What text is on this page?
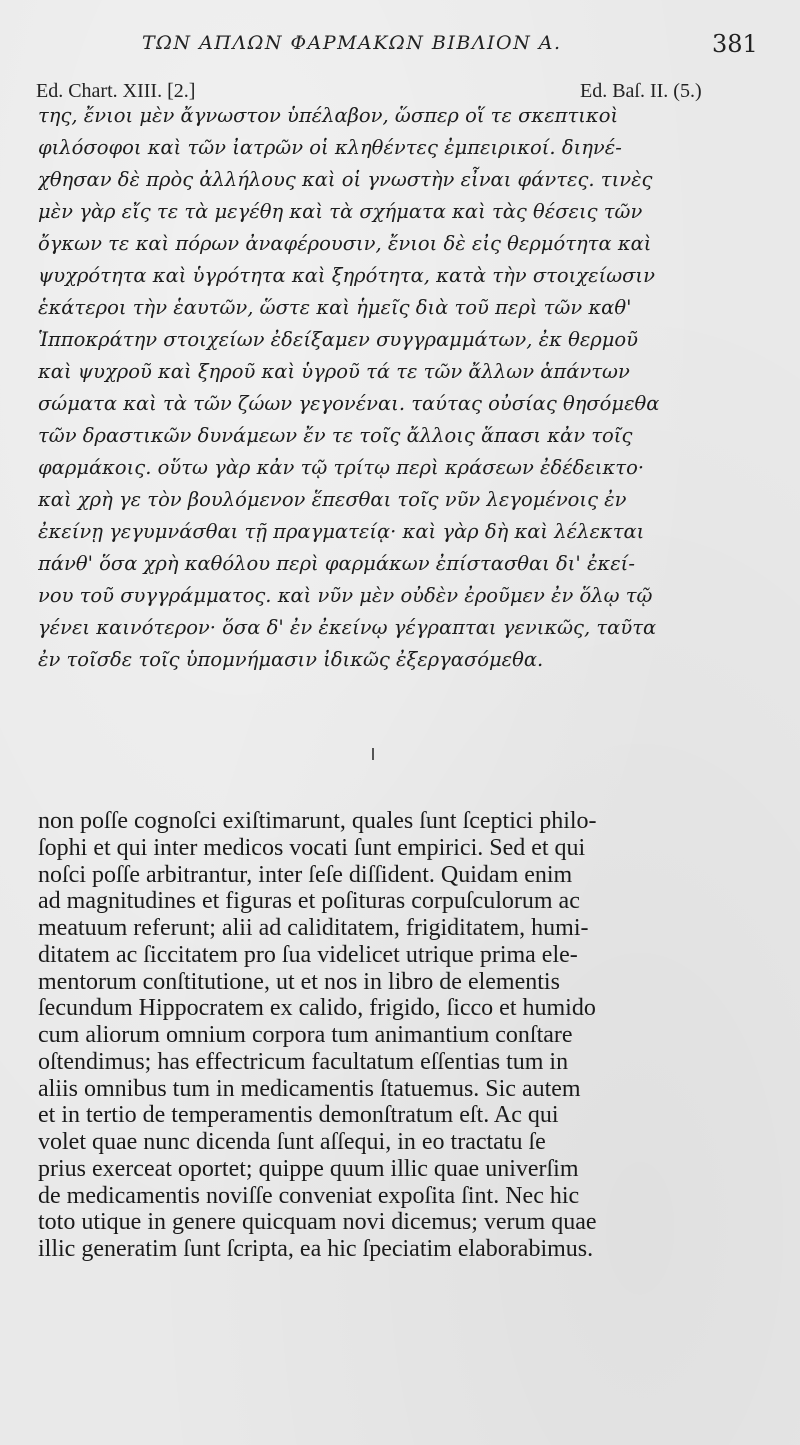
ΤΩΝ ΑΠΛΩΝ ΦΑΡΜΑΚΩΝ ΒΙΒΛΙΟΝ Α.	381
Ed. Chart. XIII. [2.]	Ed. Baſ. II. (5.)
της, ἔνιοι μὲν ἄγνωστον ὑπέλαβον, ὥσπερ οἵ τε σκεπτικοὶ
φιλόσοφοι καὶ τῶν ἰατρῶν οἱ κληθέντες ἐμπειρικοί. διηνέ-
χθησαν δὲ πρὸς ἀλλήλους καὶ οἱ γνωστὴν εἶναι φάντες. τινὲς
μὲν γὰρ εἴς τε τὰ μεγέθη καὶ τὰ σχήματα καὶ τὰς θέσεις τῶν
ὄγκων τε καὶ πόρων ἀναφέρουσιν, ἔνιοι δὲ εἰς θερμότητα καὶ
ψυχρότητα καὶ ὑγρότητα καὶ ξηρότητα, κατὰ τὴν στοιχείωσιν
ἑκάτεροι τὴν ἑαυτῶν, ὥστε καὶ ἡμεῖς διὰ τοῦ περὶ τῶν καθ'
Ἱπποκράτην στοιχείων ἐδείξαμεν συγγραμμάτων, ἐκ θερμοῦ
καὶ ψυχροῦ καὶ ξηροῦ καὶ ὑγροῦ τά τε τῶν ἄλλων ἁπάντων
σώματα καὶ τὰ τῶν ζώων γεγονέναι. ταύτας οὐσίας θησόμεθα
τῶν δραστικῶν δυνάμεων ἔν τε τοῖς ἄλλοις ἅπασι κἀν τοῖς
φαρμάκοις. οὕτω γὰρ κἀν τῷ τρίτῳ περὶ κράσεων ἐδέδεικτο·
καὶ χρὴ γε τὸν βουλόμενον ἕπεσθαι τοῖς νῦν λεγομένοις ἐν
ἐκείνῃ γεγυμνάσθαι τῇ πραγματείᾳ· καὶ γὰρ δὴ καὶ λέλεκται
πάνθ' ὅσα χρὴ καθόλου περὶ φαρμάκων ἐπίστασθαι δι' ἐκεί-
νου τοῦ συγγράμματος. καὶ νῦν μὲν οὐδὲν ἐροῦμεν ἐν ὅλῳ τῷ
γένει καινότερον· ὅσα δ' ἐν ἐκείνῳ γέγραπται γενικῶς, ταῦτα
ἐν τοῖσδε τοῖς ὑπομνήμασιν ἰδικῶς ἐξεργασόμεθα.
non poſſe cognoſci exiſtimarunt, quales ſunt ſceptici philo-
ſophi et qui inter medicos vocati ſunt empirici. Sed et qui
noſci poſſe arbitrantur, inter ſeſe diſſident. Quidam enim
ad magnitudines et figuras et poſituras corpuſculorum ac
meatuum referunt; alii ad caliditatem, frigiditatem, humi-
ditatem ac ſiccitatem pro ſua videlicet utrique prima ele-
mentorum conſtitutione, ut et nos in libro de elementis
ſecundum Hippocratem ex calido, frigido, ſicco et humido
cum aliorum omnium corpora tum animantium conſtare
oſtendimus; has effectricum facultatum eſſentias tum in
aliis omnibus tum in medicamentis ſtatuemus. Sic autem
et in tertio de temperamentis demonſtratum eſt. Ac qui
volet quae nunc dicenda ſunt aſſequi, in eo tractatu ſe
prius exerceat oportet; quippe quum illic quae univerſim
de medicamentis noviſſe conveniat expoſita ſint. Nec hic
toto utique in genere quicquam novi dicemus; verum quae
illic generatim ſunt ſcripta, ea hic ſpeciatim elaborabimus.
